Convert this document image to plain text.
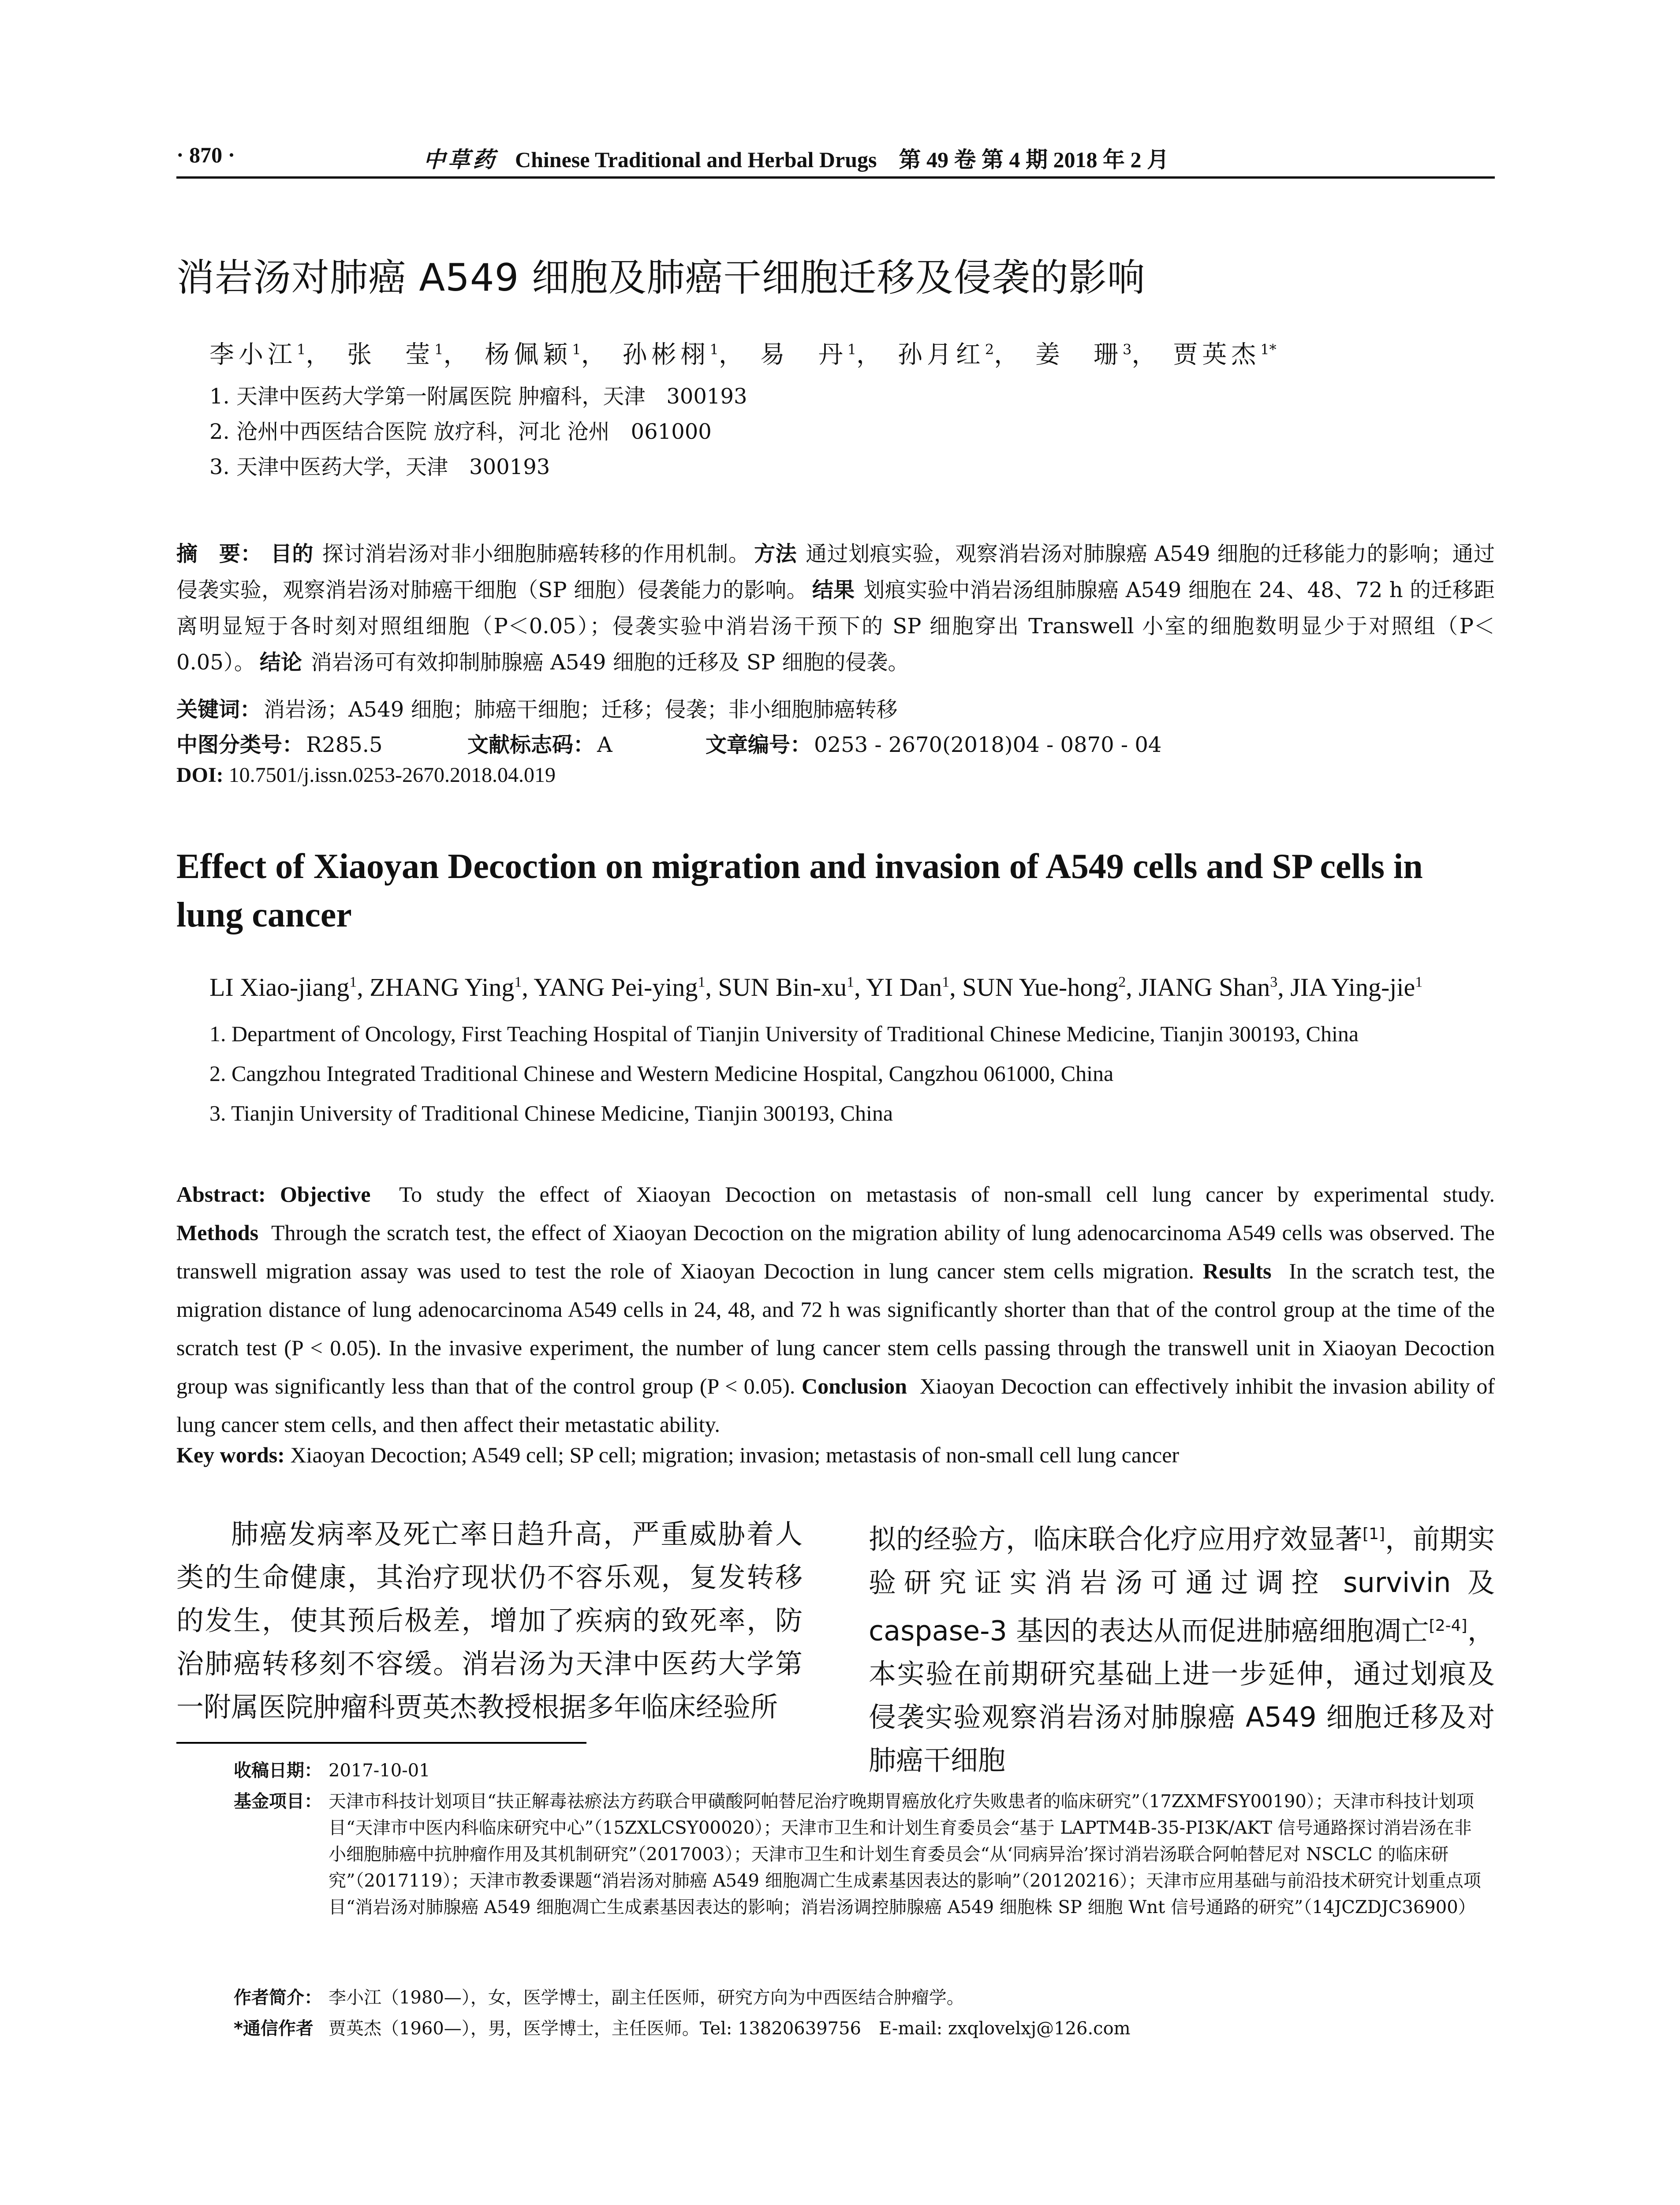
· 870 ·	中草药 Chinese Traditional and Herbal Drugs　 第 49 卷 第 4 期 2018 年 2 月
消岩汤对肺癌 A549 细胞及肺癌干细胞迁移及侵袭的影响
李小江$^1$， 张　莹$^1$， 杨佩颖$^1$， 孙彬栩$^1$， 易　丹$^1$， 孙月红$^2$， 姜　珊$^3$， 贾英杰$^{1*}$
1. 天津中医药大学第一附属医院 肿瘤科，天津　300193
2. 沧州中西医结合医院 放疗科，河北 沧州　061000
3. 天津中医药大学，天津　300193
摘　要： 目的 探讨消岩汤对非小细胞肺癌转移的作用机制。 方法 通过划痕实验，观察消岩汤对肺腺癌 A549 细胞的迁移能力的影响；通过侵袭实验，观察消岩汤对肺癌干细胞（SP 细胞）侵袭能力的影响。 结果 划痕实验中消岩汤组肺腺癌 A549 细胞在 24、48、72 h 的迁移距离明显短于各时刻对照组细胞（P＜0.05）；侵袭实验中消岩汤干预下的 SP 细胞穿出 Transwell 小室的细胞数明显少于对照组（P＜0.05）。 结论 消岩汤可有效抑制肺腺癌 A549 细胞的迁移及 SP 细胞的侵袭。
关键词： 消岩汤；A549 细胞；肺癌干细胞；迁移；侵袭；非小细胞肺癌转移
中图分类号： R285.5	文献标志码： A	文章编号： 0253 - 2670(2018)04 - 0870 - 04
DOI: 10.7501/j.issn.0253-2670.2018.04.019
Effect of Xiaoyan Decoction on migration and invasion of A549 cells and SP cells in lung cancer
LI Xiao-jiang$^1$, ZHANG Ying$^1$, YANG Pei-ying$^1$, SUN Bin-$xu^1$, YI Dan$^1$, SUN Yue-hong$^2$, JIANG Shan$^3$, JIA Ying-jie$^1$
1. Department of Oncology, First Teaching Hospital of Tianjin University of Traditional Chinese Medicine, Tianjin 300193, China
2. Cangzhou Integrated Traditional Chinese and Western Medicine Hospital, Cangzhou 061000, China
3. Tianjin University of Traditional Chinese Medicine, Tianjin 300193, China
Abstract: Objective To study the effect of Xiaoyan Decoction on metastasis of non-small cell lung cancer by experimental study. Methods Through the scratch test, the effect of Xiaoyan Decoction on the migration ability of lung adenocarcinoma A549 cells was observed. The transwell migration assay was used to test the role of Xiaoyan Decoction in lung cancer stem cells migration. Results In the scratch test, the migration distance of lung adenocarcinoma A549 cells in 24, 48, and 72 h was significantly shorter than that of the control group at the time of the scratch test (P < 0.05). In the invasive experiment, the number of lung cancer stem cells passing through the transwell unit in Xiaoyan Decoction group was significantly less than that of the control group (P < 0.05). Conclusion Xiaoyan Decoction can effectively inhibit the invasion ability of lung cancer stem cells, and then affect their metastatic ability.
Key words: Xiaoyan Decoction; A549 cell; SP cell; migration; invasion; metastasis of non-small cell lung cancer
肺癌发病率及死亡率日趋升高，严重威胁着人类的生命健康，其治疗现状仍不容乐观，复发转移的发生，使其预后极差，增加了疾病的致死率，防治肺癌转移刻不容缓。消岩汤为天津中医药大学第一附属医院肿瘤科贾英杰教授根据多年临床经验所
拟的经验方，临床联合化疗应用疗效显著[1]，前期实验研究证实消岩汤可通过调控 survivin 及 caspase-3 基因的表达从而促进肺癌细胞凋亡[2-4]，本实验在前期研究基础上进一步延伸，通过划痕及侵袭实验观察消岩汤对肺腺癌 A549 细胞迁移及对肺癌干细胞
收稿日期： 2017-10-01
基金项目： 天津市科技计划项目“扶正解毒祛瘀法方药联合甲磺酸阿帕替尼治疗晚期胃癌放化疗失败患者的临床研究”（17ZXMFSY00190）；天津市科技计划项目“天津市中医内科临床研究中心”（15ZXLCSY00020）；天津市卫生和计划生育委员会“基于 LAPTM4B-35-PI3K/AKT 信号通路探讨消岩汤在非小细胞肺癌中抗肿瘤作用及其机制研究”（2017003）；天津市卫生和计划生育委员会“从‘同病异治’探讨消岩汤联合阿帕替尼对 NSCLC 的临床研究”（2017119）；天津市教委课题“消岩汤对肺癌 A549 细胞凋亡生成素基因表达的影响”（20120216）；天津市应用基础与前沿技术研究计划重点项目“消岩汤对肺腺癌 A549 细胞凋亡生成素基因表达的影响；消岩汤调控肺腺癌 A549 细胞株 SP 细胞 Wnt 信号通路的研究”（14JCZDJC36900）
作者简介： 李小江（1980—），女，医学博士，副主任医师，研究方向为中西医结合肿瘤学。
*通信作者 贾英杰（1960—），男，医学博士，主任医师。Tel: 13820639756　E-mail: zxqlovelxj@126.com
